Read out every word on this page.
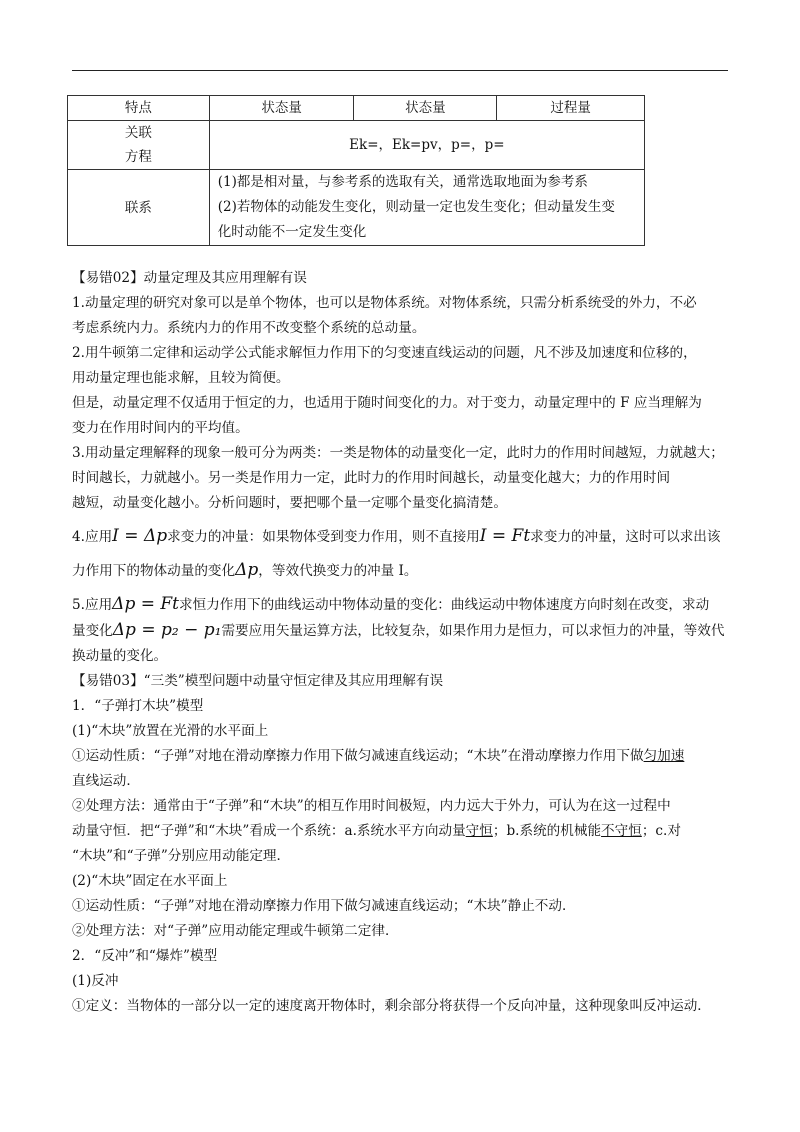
特点	状态量	状态量	过程量

关联
方程	Ek=，Ek=pv，p=，p=		
联系	(1)都是相对量，与参考系的选取有关，通常选取地面为参考系
(2)若物体的动能发生变化，则动量一定也发生变化；但动量发生变
化时动能不一定发生变化		

【易错02】动量定理及其应用理解有误

1.动量定理的研究对象可以是单个物体，也可以是物体系统。对物体系统，只需分析系统受的外力，不必

考虑系统内力。系统内力的作用不改变整个系统的总动量。

2.用牛顿第二定律和运动学公式能求解恒力作用下的匀变速直线运动的问题，凡不涉及加速度和位移的，

用动量定理也能求解，且较为简便。

但是，动量定理不仅适用于恒定的力，也适用于随时间变化的力。对于变力，动量定理中的 F 应当理解为

变力在作用时间内的平均值。

3.用动量定理解释的现象一般可分为两类：一类是物体的动量变化一定，此时力的作用时间越短，力就越大；

时间越长，力就越小。另一类是作用力一定，此时力的作用时间越长，动量变化越大；力的作用时间

越短，动量变化越小。分析问题时，要把哪个量一定哪个量变化搞清楚。

4.应用I = Δp求变力的冲量：如果物体受到变力作用，则不直接用I = Ft求变力的冲量，这时可以求出该

力作用下的物体动量的变化Δp，等效代换变力的冲量 I。

5.应用Δp = Ft求恒力作用下的曲线运动中物体动量的变化：曲线运动中物体速度方向时刻在改变，求动

量变化Δp = p₂ − p₁需要应用矢量运算方法，比较复杂，如果作用力是恒力，可以求恒力的冲量，等效代

换动量的变化。

【易错03】“三类”模型问题中动量守恒定律及其应用理解有误

1．“子弹打木块”模型

(1)“木块”放置在光滑的水平面上

①运动性质：“子弹”对地在滑动摩擦力作用下做匀减速直线运动；“木块”在滑动摩擦力作用下做匀加速

直线运动．

②处理方法：通常由于“子弹”和“木块”的相互作用时间极短，内力远大于外力，可认为在这一过程中

动量守恒．把“子弹”和“木块”看成一个系统：a.系统水平方向动量守恒；b.系统的机械能不守恒；c.对

“木块”和“子弹”分别应用动能定理．

(2)“木块”固定在水平面上

①运动性质：“子弹”对地在滑动摩擦力作用下做匀减速直线运动；“木块”静止不动．

②处理方法：对“子弹”应用动能定理或牛顿第二定律．

2．“反冲”和“爆炸”模型

(1)反冲

①定义：当物体的一部分以一定的速度离开物体时，剩余部分将获得一个反向冲量，这种现象叫反冲运动．
